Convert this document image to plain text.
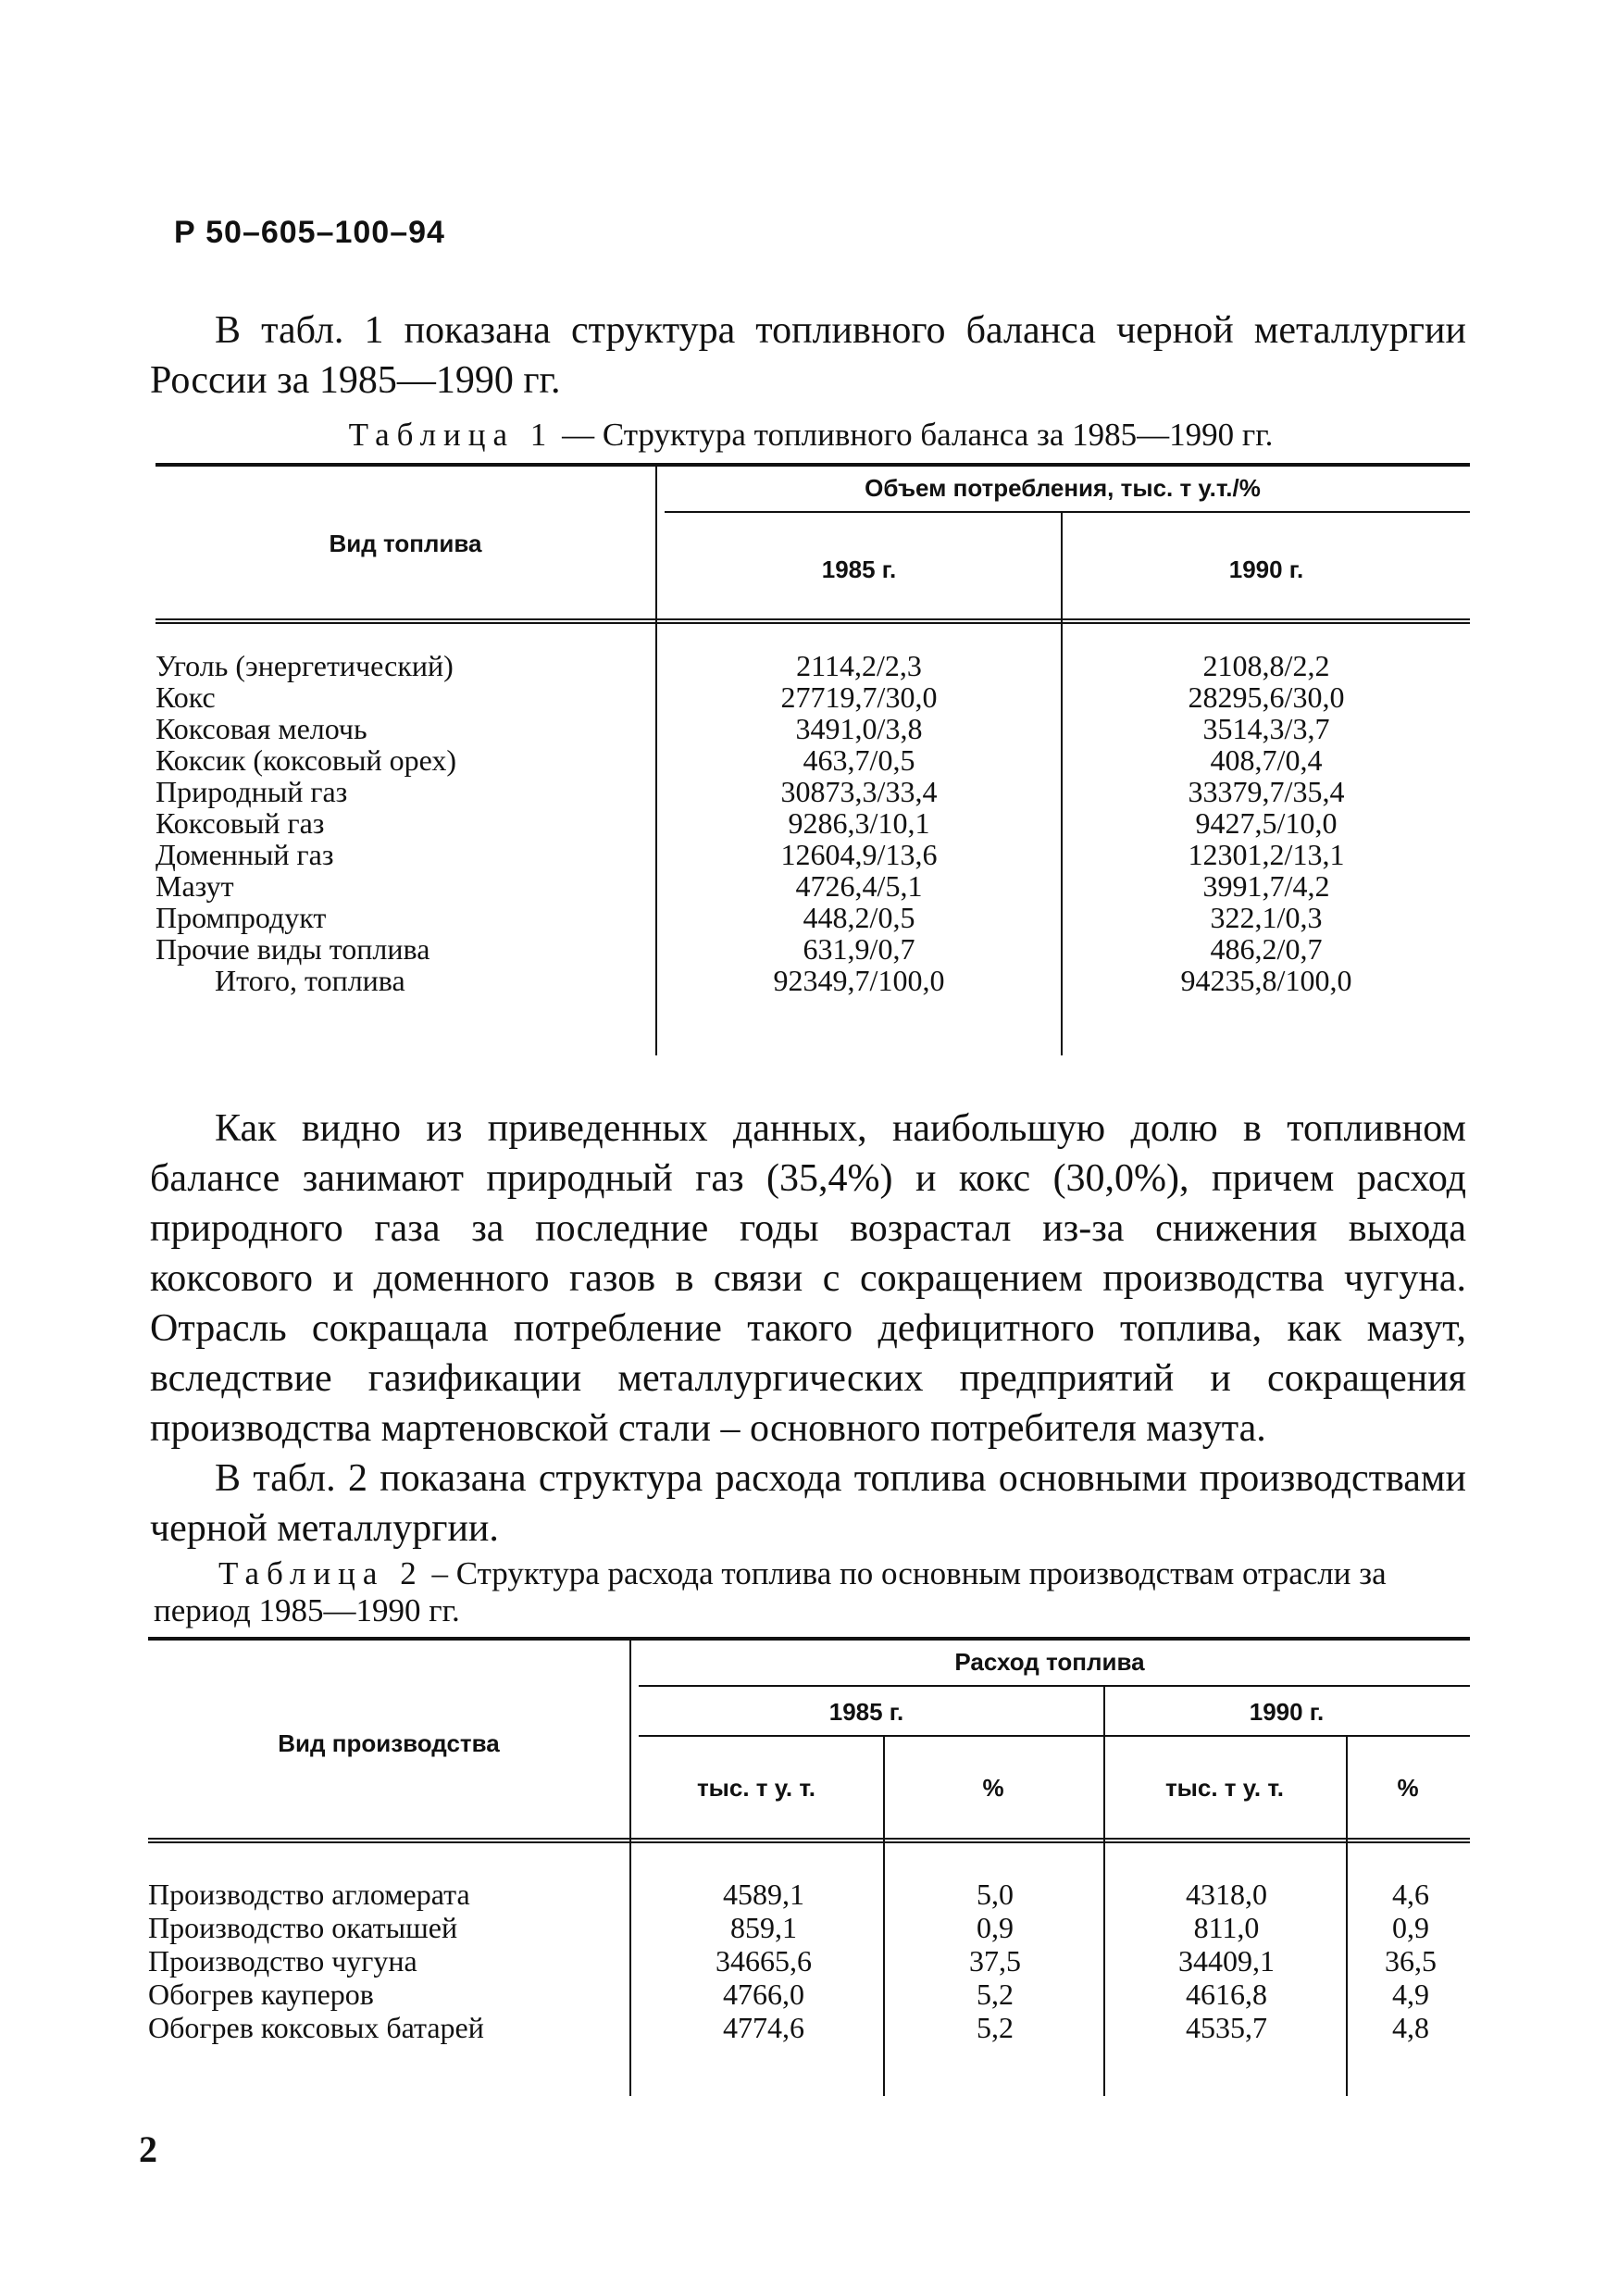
Р 50–605–100–94

В табл. 1 показана структура топливного баланса черной металлургии России за 1985—1990 гг.

Таблица 1 — Структура топливного баланса за 1985—1990 гг.

Вид топлива
Объем потребления, тыс. т у.т./%
1985 г.	1990 г.
Уголь (энергетический)	2114,2/2,3	2108,8/2,2
Кокс	27719,7/30,0	28295,6/30,0
Коксовая мелочь	3491,0/3,8	3514,3/3,7
Коксик (коксовый орех)	463,7/0,5	408,7/0,4
Природный газ	30873,3/33,4	33379,7/35,4
Коксовый газ	9286,3/10,1	9427,5/10,0
Доменный газ	12604,9/13,6	12301,2/13,1
Мазут	4726,4/5,1	3991,7/4,2
Промпродукт	448,2/0,5	322,1/0,3
Прочие виды топлива	631,9/0,7	486,2/0,7
Итого, топлива	92349,7/100,0	94235,8/100,0

Как видно из приведенных данных, наибольшую долю в топливном балансе занимают природный газ (35,4%) и кокс (30,0%), причем расход природного газа за последние годы возрастал из-за снижения выхода коксового и доменного газов в связи с сокращением производства чугуна. Отрасль сокращала потребление такого дефицитного топлива, как мазут, вследствие газификации металлургических предприятий и сокращения производства мартеновской стали – основного потребителя мазута.

В табл. 2 показана структура расхода топлива основными производствами черной металлургии.

Таблица 2 – Структура расхода топлива по основным производствам отрасли за период 1985—1990 гг.

Вид производства
Расход топлива
1985 г.	1990 г.
тыс. т у. т.	%	тыс. т у. т.	%
Производство агломерата	4589,1	5,0	4318,0	4,6
Производство окатышей	859,1	0,9	811,0	0,9
Производство чугуна	34665,6	37,5	34409,1	36,5
Обогрев кауперов	4766,0	5,2	4616,8	4,9
Обогрев коксовых батарей	4774,6	5,2	4535,7	4,8
2
